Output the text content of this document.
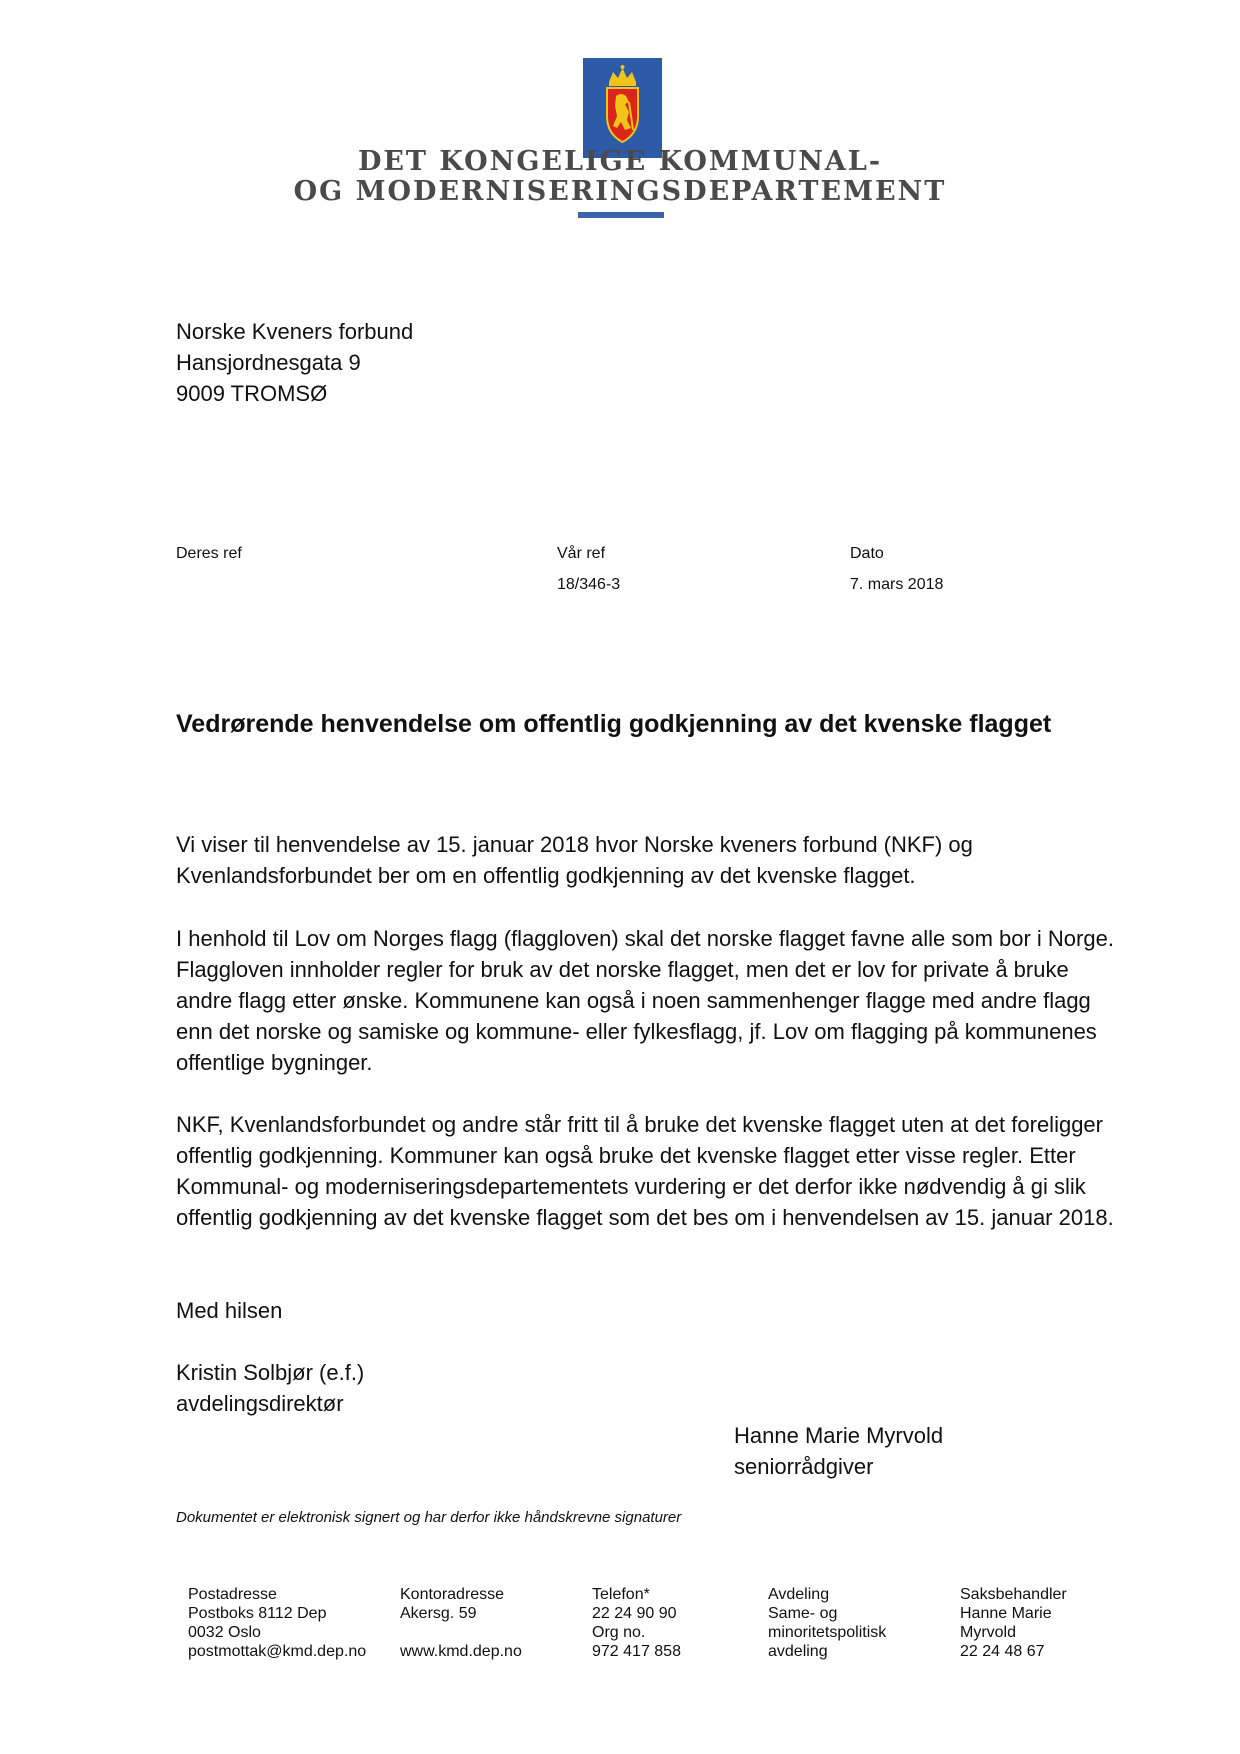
DET KONGELIGE KOMMUNAL-
OG MODERNISERINGSDEPARTEMENT
Norske Kveners forbund
Hansjordnesgata 9
9009 TROMSØ
Deres ref	Vår ref
18/346-3
Dato
7. mars 2018
Vedrørende henvendelse om offentlig godkjenning av det kvenske flagget
Vi viser til henvendelse av 15. januar 2018 hvor Norske kveners forbund (NKF) og Kvenlandsforbundet ber om en offentlig godkjenning av det kvenske flagget.
I henhold til Lov om Norges flagg (flaggloven) skal det norske flagget favne alle som bor i Norge. Flaggloven innholder regler for bruk av det norske flagget, men det er lov for private å bruke andre flagg etter ønske. Kommunene kan også i noen sammenhenger flagge med andre flagg enn det norske og samiske og kommune- eller fylkesflagg, jf. Lov om flagging på kommunenes offentlige bygninger.
NKF, Kvenlandsforbundet og andre står fritt til å bruke det kvenske flagget uten at det foreligger offentlig godkjenning. Kommuner kan også bruke det kvenske flagget etter visse regler. Etter Kommunal- og moderniseringsdepartementets vurdering er det derfor ikke nødvendig å gi slik offentlig godkjenning av det kvenske flagget som det bes om i henvendelsen av 15. januar 2018.
Med hilsen
Kristin Solbjør (e.f.)
avdelingsdirektør
Hanne Marie Myrvold
seniorrådgiver
Dokumentet er elektronisk signert og har derfor ikke håndskrevne signaturer
Postadresse
Postboks 8112 Dep
0032 Oslo
postmottak@kmd.dep.no
Kontoradresse
Akersg. 59

www.kmd.dep.no
Telefon*
22 24 90 90
Org no.
972 417 858
Avdeling
Same- og
minoritetspolitisk
avdeling
Saksbehandler
Hanne Marie
Myrvold
22 24 48 67
